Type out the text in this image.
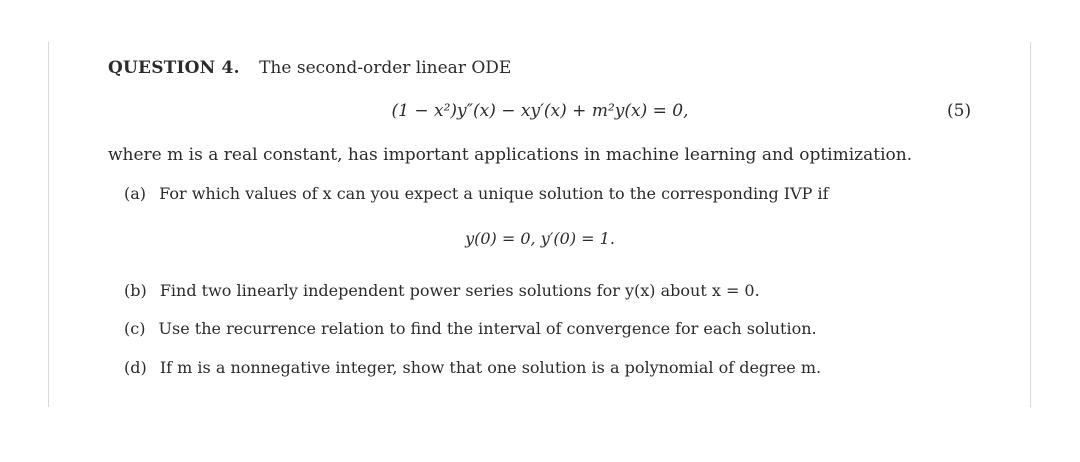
QUESTION 4. The second-order linear ODE
(1 − x²)y″(x) − xy′(x) + m²y(x) = 0,	(5)
where m is a real constant, has important applications in machine learning and optimization.
(a) For which values of x can you expect a unique solution to the corresponding IVP if
y(0) = 0, y′(0) = 1.
(b) Find two linearly independent power series solutions for y(x) about x = 0.
(c) Use the recurrence relation to find the interval of convergence for each solution.
(d) If m is a nonnegative integer, show that one solution is a polynomial of degree m.
